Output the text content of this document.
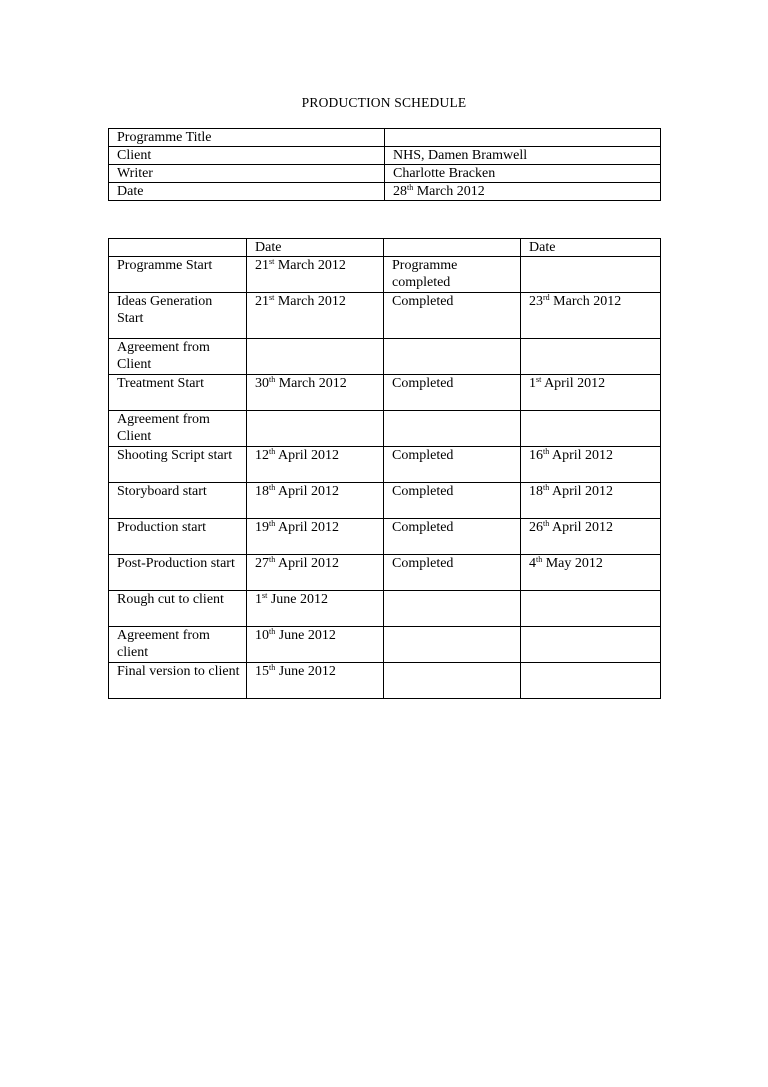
PRODUCTION SCHEDULE
Programme Title	
Client	NHS, Damen Bramwell
Writer	Charlotte Bracken
Date	28th March 2012
	Date		Date
Programme Start	21st March 2012	Programme completed	
Ideas Generation Start	21st March 2012	Completed	23rd March 2012
Agreement from Client			
Treatment Start	30th March 2012	Completed	1st April 2012
Agreement from Client			
Shooting Script start	12th April 2012	Completed	16th April 2012
Storyboard start	18th April 2012	Completed	18th April 2012
Production start	19th April 2012	Completed	26th April 2012
Post-Production start	27th April 2012	Completed	4th May 2012
Rough cut to client	1st June 2012		
Agreement from client	10th June 2012		
Final version to client	15th June 2012		
